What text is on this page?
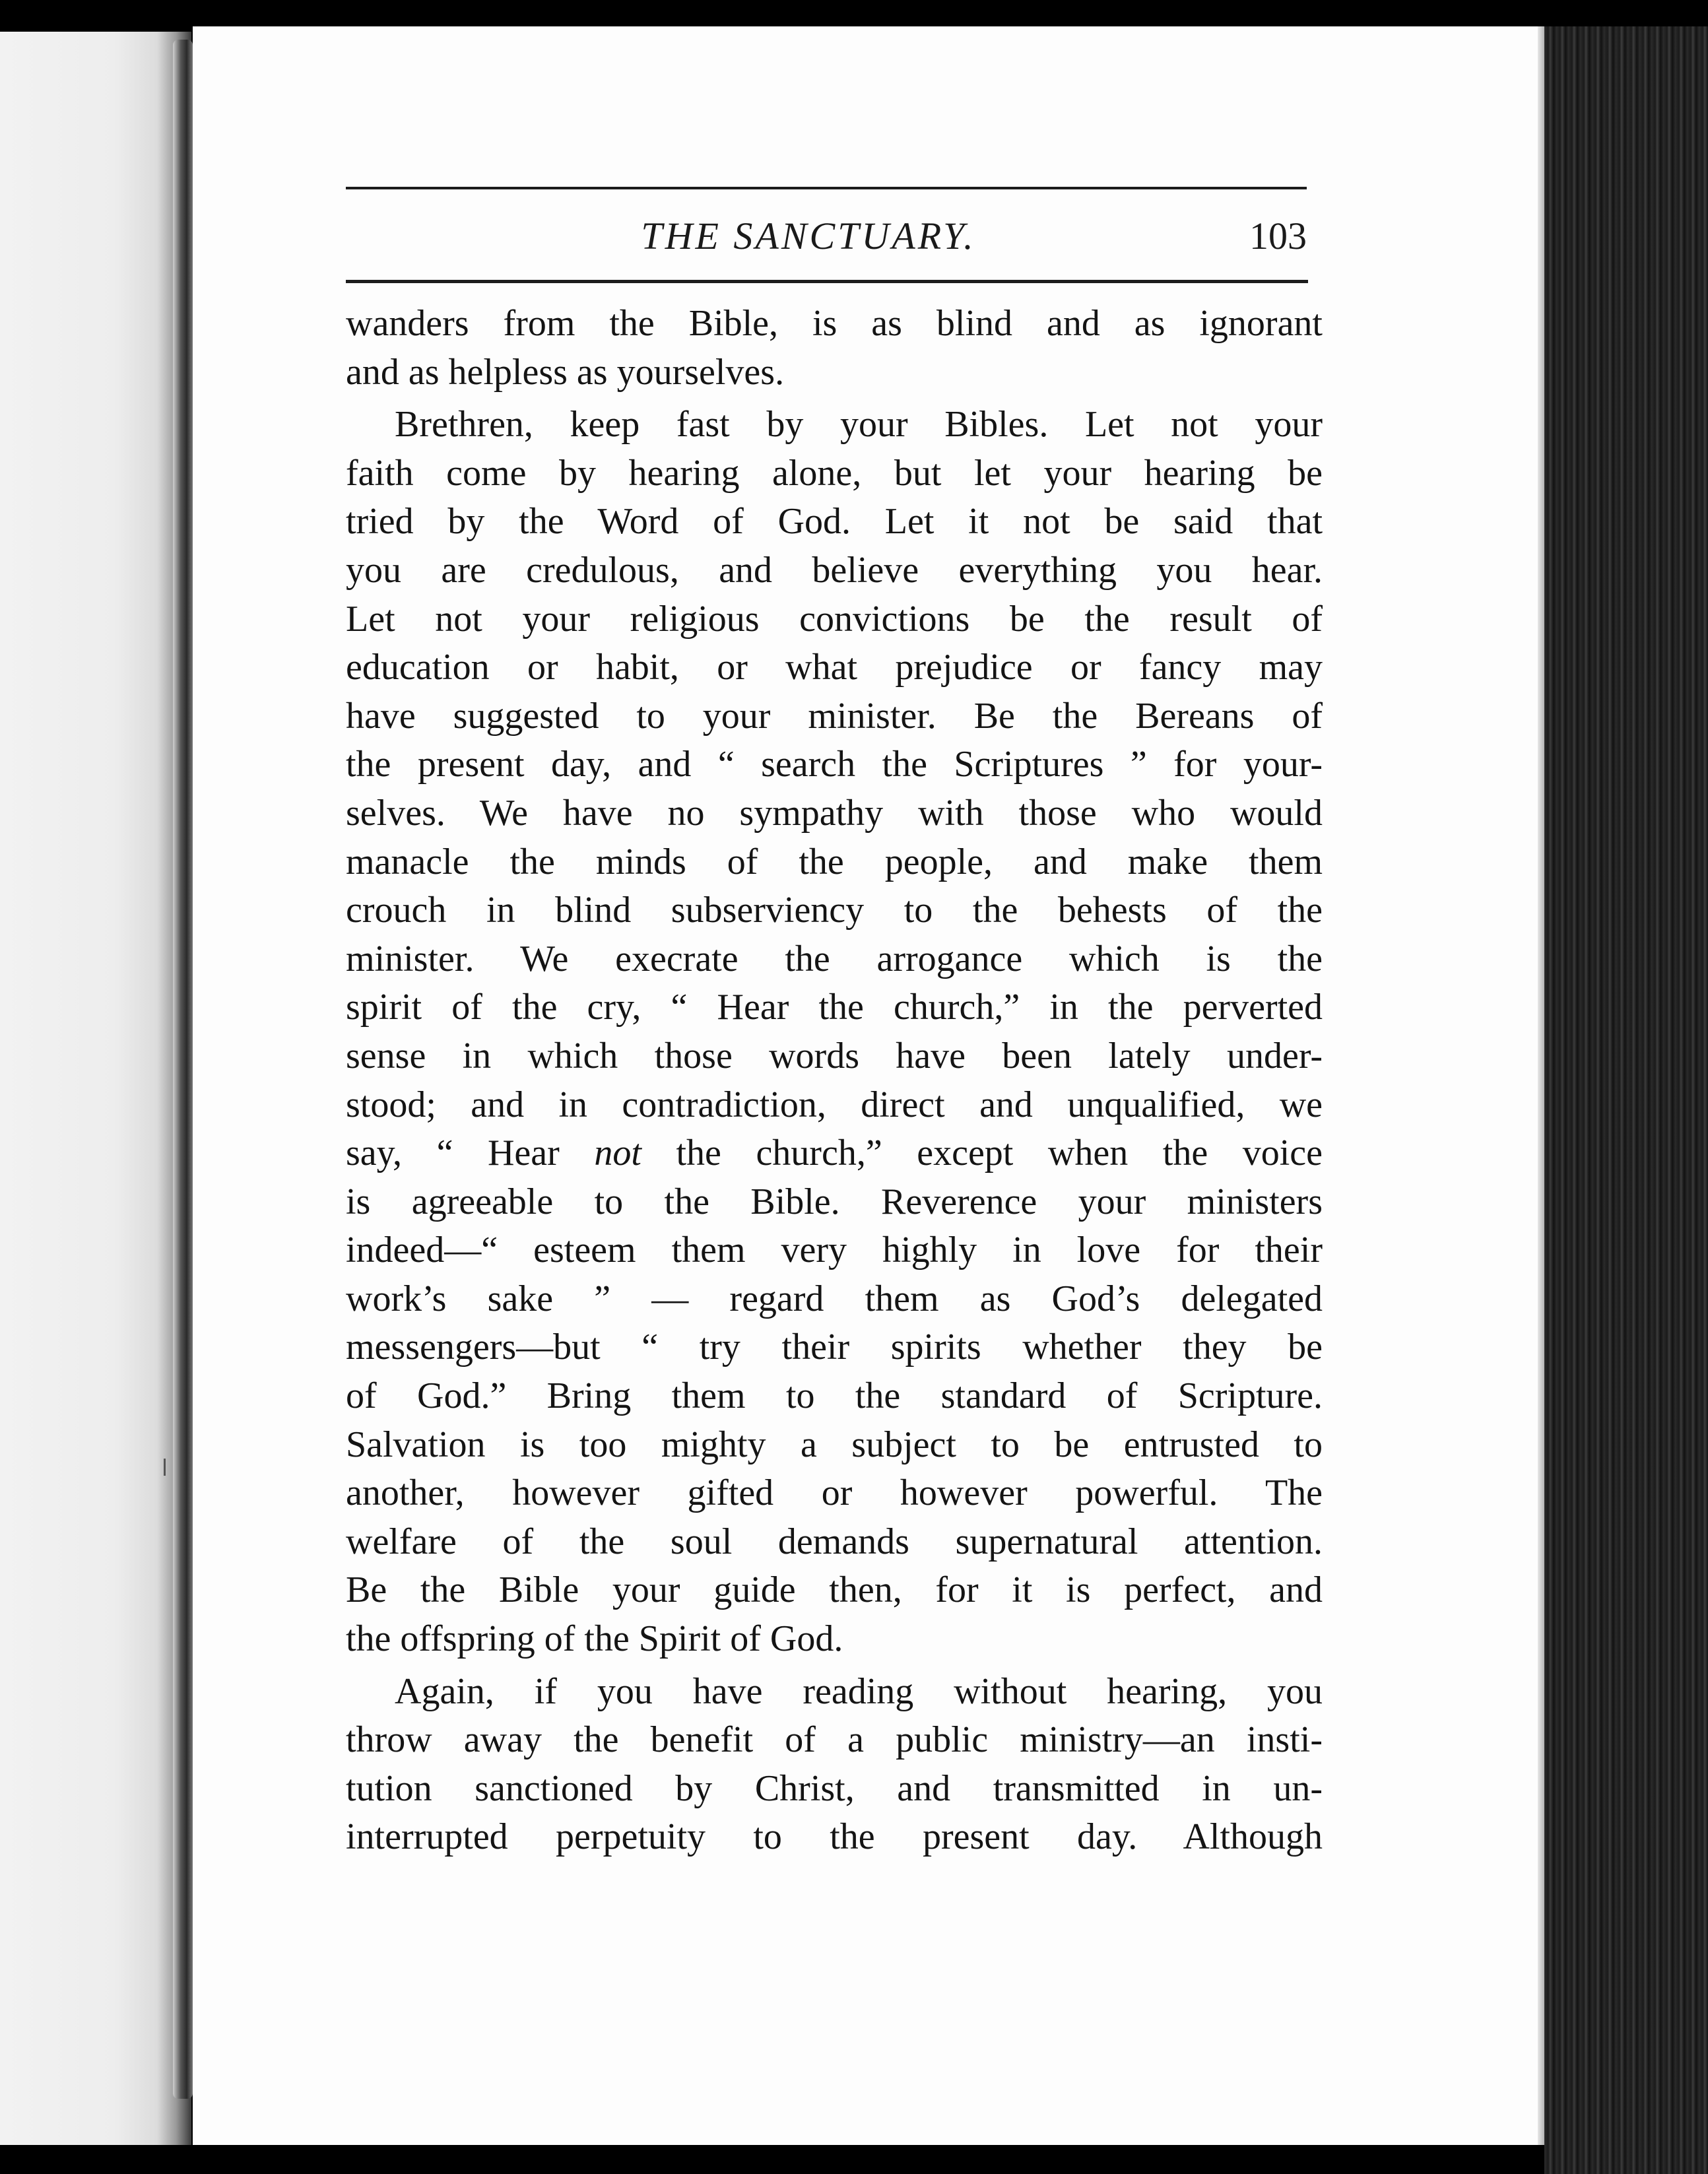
THE SANCTUARY.	103
wanders from the Bible, is as blind and as ignorant
and as helpless as yourselves.
Brethren, keep fast by your Bibles. Let not your
faith come by hearing alone, but let your hearing be
tried by the Word of God. Let it not be said that
you are credulous, and believe everything you hear.
Let not your religious convictions be the result of
education or habit, or what prejudice or fancy may
have suggested to your minister. Be the Bereans of
the present day, and “ search the Scriptures ” for your-
selves. We have no sympathy with those who would
manacle the minds of the people, and make them
crouch in blind subserviency to the behests of the
minister. We execrate the arrogance which is the
spirit of the cry, “ Hear the church,” in the perverted
sense in which those words have been lately under-
stood; and in contradiction, direct and unqualified, we
say, “ Hear not the church,” except when the voice
is agreeable to the Bible. Reverence your ministers
indeed—“ esteem them very highly in love for their
work’s sake ” — regard them as God’s delegated
messengers—but “ try their spirits whether they be
of God.” Bring them to the standard of Scripture.
Salvation is too mighty a subject to be entrusted to
another, however gifted or however powerful. The
welfare of the soul demands supernatural attention.
Be the Bible your guide then, for it is perfect, and
the offspring of the Spirit of God.
Again, if you have reading without hearing, you
throw away the benefit of a public ministry—an insti-
tution sanctioned by Christ, and transmitted in un-
interrupted perpetuity to the present day. Although
